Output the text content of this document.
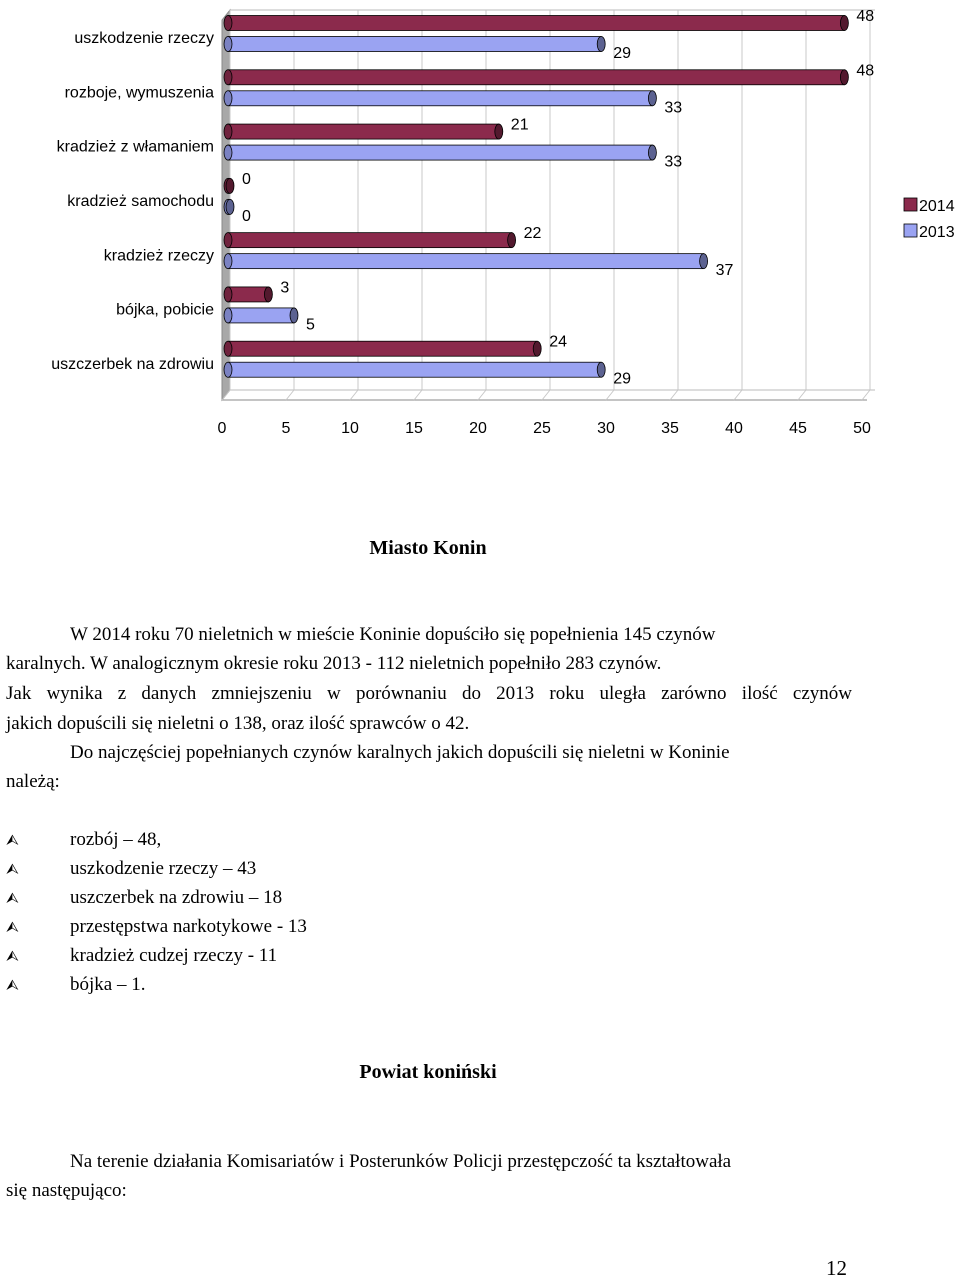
0	5	10	15	20	25	30	35	40	45	50
uszkodzenie rzeczy
48
29
rozboje, wymuszenia
48
33
kradzież z włamaniem
21
33
kradzież samochodu
0
0
kradzież rzeczy
22
37
bójka, pobicie
3
5
uszczerbek na zdrowiu
24
29
2014
2013
Miasto Konin
W 2014 roku 70 nieletnich w mieście Koninie dopuściło się popełnienia 145 czynów
karalnych. W analogicznym okresie roku 2013 - 112 nieletnich popełniło 283 czynów.
Jak wynika z danych zmniejszeniu w porównaniu do 2013 roku uległa zarówno ilość czynów
jakich dopuścili się nieletni o 138, oraz ilość sprawców o 42.
Do najczęściej popełnianych czynów karalnych jakich dopuścili się nieletni w Koninie
należą:
⮙	rozbój – 48,
⮙	uszkodzenie rzeczy – 43
⮙	uszczerbek na zdrowiu – 18
⮙	przestępstwa narkotykowe - 13
⮙	kradzież cudzej rzeczy - 11
⮙	bójka – 1.
Powiat koniński
Na terenie działania Komisariatów i Posterunków Policji przestępczość ta kształtowała
się następująco:
12
